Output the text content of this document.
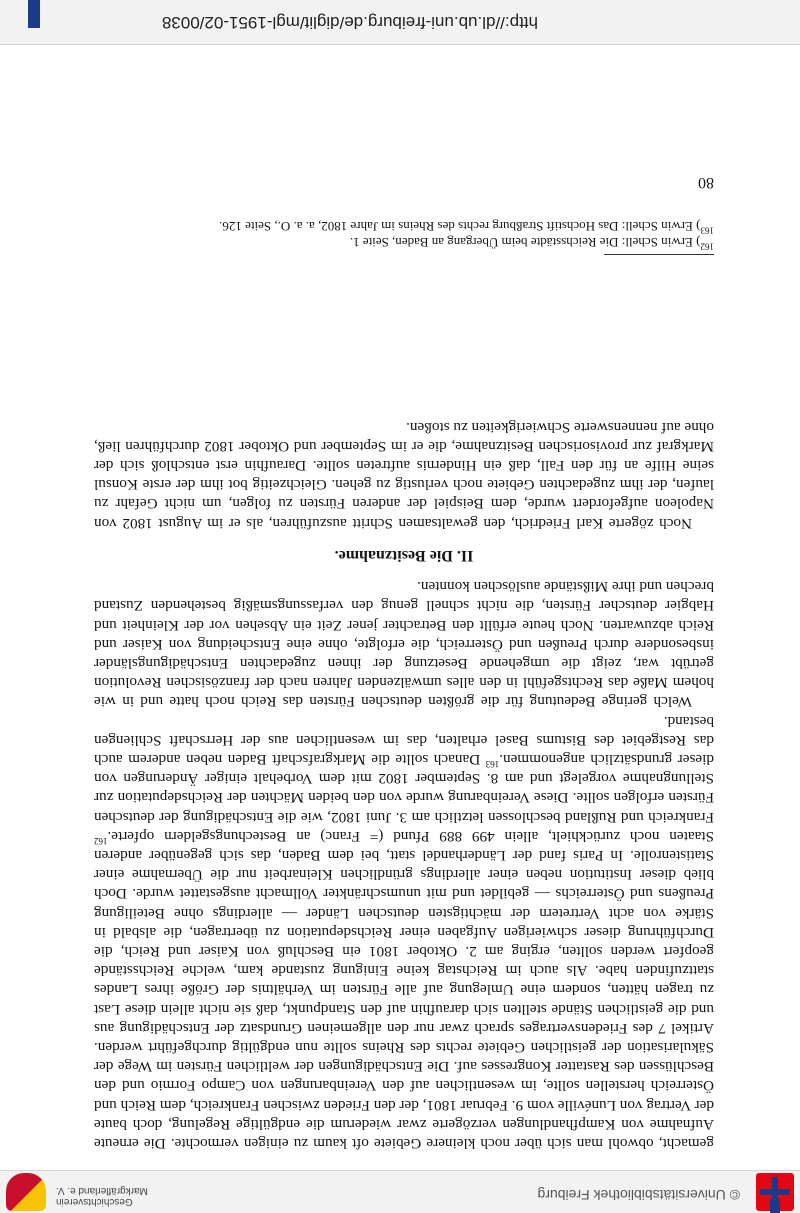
© Universitätsbibliothek Freiburg
Geschichtsverein Markgräflerland e. V.

gemacht, obwohl man sich über noch kleinere Gebiete oft kaum zu einigen vermochte. Die erneute Aufnahme von Kampfhandlungen verzögerte zwar wiederum die endgültige Regelung, doch baute der Vertrag von Lunéville vom 9. Februar 1801, der den Frieden zwischen Frankreich, dem Reich und Österreich herstellen sollte, im wesentlichen auf den Vereinbarungen von Campo Formio und den Beschlüssen des Rastatter Kongresses auf. Die Entschädigungen der weltlichen Fürsten im Wege der Säkularisation der geistlichen Gebiete rechts des Rheins sollte nun endgültig durchgeführt werden. Artikel 7 des Friedensvertrages sprach zwar nur den allgemeinen Grundsatz der Entschädigung aus und die geistlichen Stände stellten sich daraufhin auf den Standpunkt, daß sie nicht allein diese Last zu tragen hätten, sondern eine Umlegung auf alle Fürsten im Verhältnis der Größe ihres Landes stattzufinden habe. Als auch im Reichstag keine Einigung zustande kam, welche Reichsstände geopfert werden sollten, erging am 2. Oktober 1801 ein Beschluß von Kaiser und Reich, die Durchführung dieser schwierigen Aufgaben einer Reichsdeputation zu übertragen, die alsbald in Stärke von acht Vertretern der mächtigsten deutschen Länder — allerdings ohne Beteiligung Preußens und Österreichs — gebildet und mit unumschränkter Vollmacht ausgestattet wurde. Doch blieb dieser Institution neben einer allerdings gründlichen Kleinarbeit nur die Übernahme einer Statistenrolle. In Paris fand der Länderhandel statt, bei dem Baden, das sich gegenüber anderen Staaten noch zurückhielt, allein 499 889 Pfund (= Franc) an Bestechungsgeldern opferte.$^{162}$ Frankreich und Rußland beschlossen letztlich am 3. Juni 1802, wie die Entschädigung der deutschen Fürsten erfolgen sollte. Diese Vereinbarung wurde von den beiden Mächten der Reichsdeputation zur Stellungnahme vorgelegt und am 8. September 1802 mit dem Vorbehalt einiger Änderungen von dieser grundsätzlich angenommen.$^{163}$ Danach sollte die Markgrafschaft Baden neben anderem auch das Restgebiet des Bistums Basel erhalten, das im wesentlichen aus der Herrschaft Schliengen bestand.

Welch geringe Bedeutung für die größten deutschen Fürsten das Reich noch hatte und in wie hohem Maße das Rechtsgefühl in den alles umwälzenden Jahren nach der französischen Revolution getrübt war, zeigt die umgehende Besetzung der ihnen zugedachten Entschädigungsländer insbesondere durch Preußen und Österreich, die erfolgte, ohne eine Entscheidung von Kaiser und Reich abzuwarten. Noch heute erfüllt den Betrachter jener Zeit ein Absehen vor der Kleinheit und Habgier deutscher Fürsten, die nicht schnell genug den verfassungsmäßig bestehenden Zustand brechen und ihre Mißstände auslöschen konnten.

II. Die Besitznahme.

Noch zögerte Karl Friedrich, den gewaltsamen Schritt auszuführen, als er im August 1802 von Napoleon aufgefordert wurde, dem Beispiel der anderen Fürsten zu folgen, um nicht Gefahr zu laufen, der ihm zugedachten Gebiete noch verlustig zu gehen. Gleichzeitig bot ihm der erste Konsul seine Hilfe an für den Fall, daß ein Hindernis auftreten sollte. Daraufhin erst entschloß sich der Markgraf zur provisorischen Besitznahme, die er im September und Oktober 1802 durchführen ließ, ohne auf nennenswerte Schwierigkeiten zu stoßen.

$^{162}$) Erwin Schell: Die Reichsstädte beim Übergang an Baden, Seite 1.
$^{163}$) Erwin Schell: Das Hochstift Straßburg rechts des Rheins im Jahre 1802, a. a. O., Seite 126.
80
http://dl.ub.uni-freiburg.de/diglit/mgl-1951-02/0038
